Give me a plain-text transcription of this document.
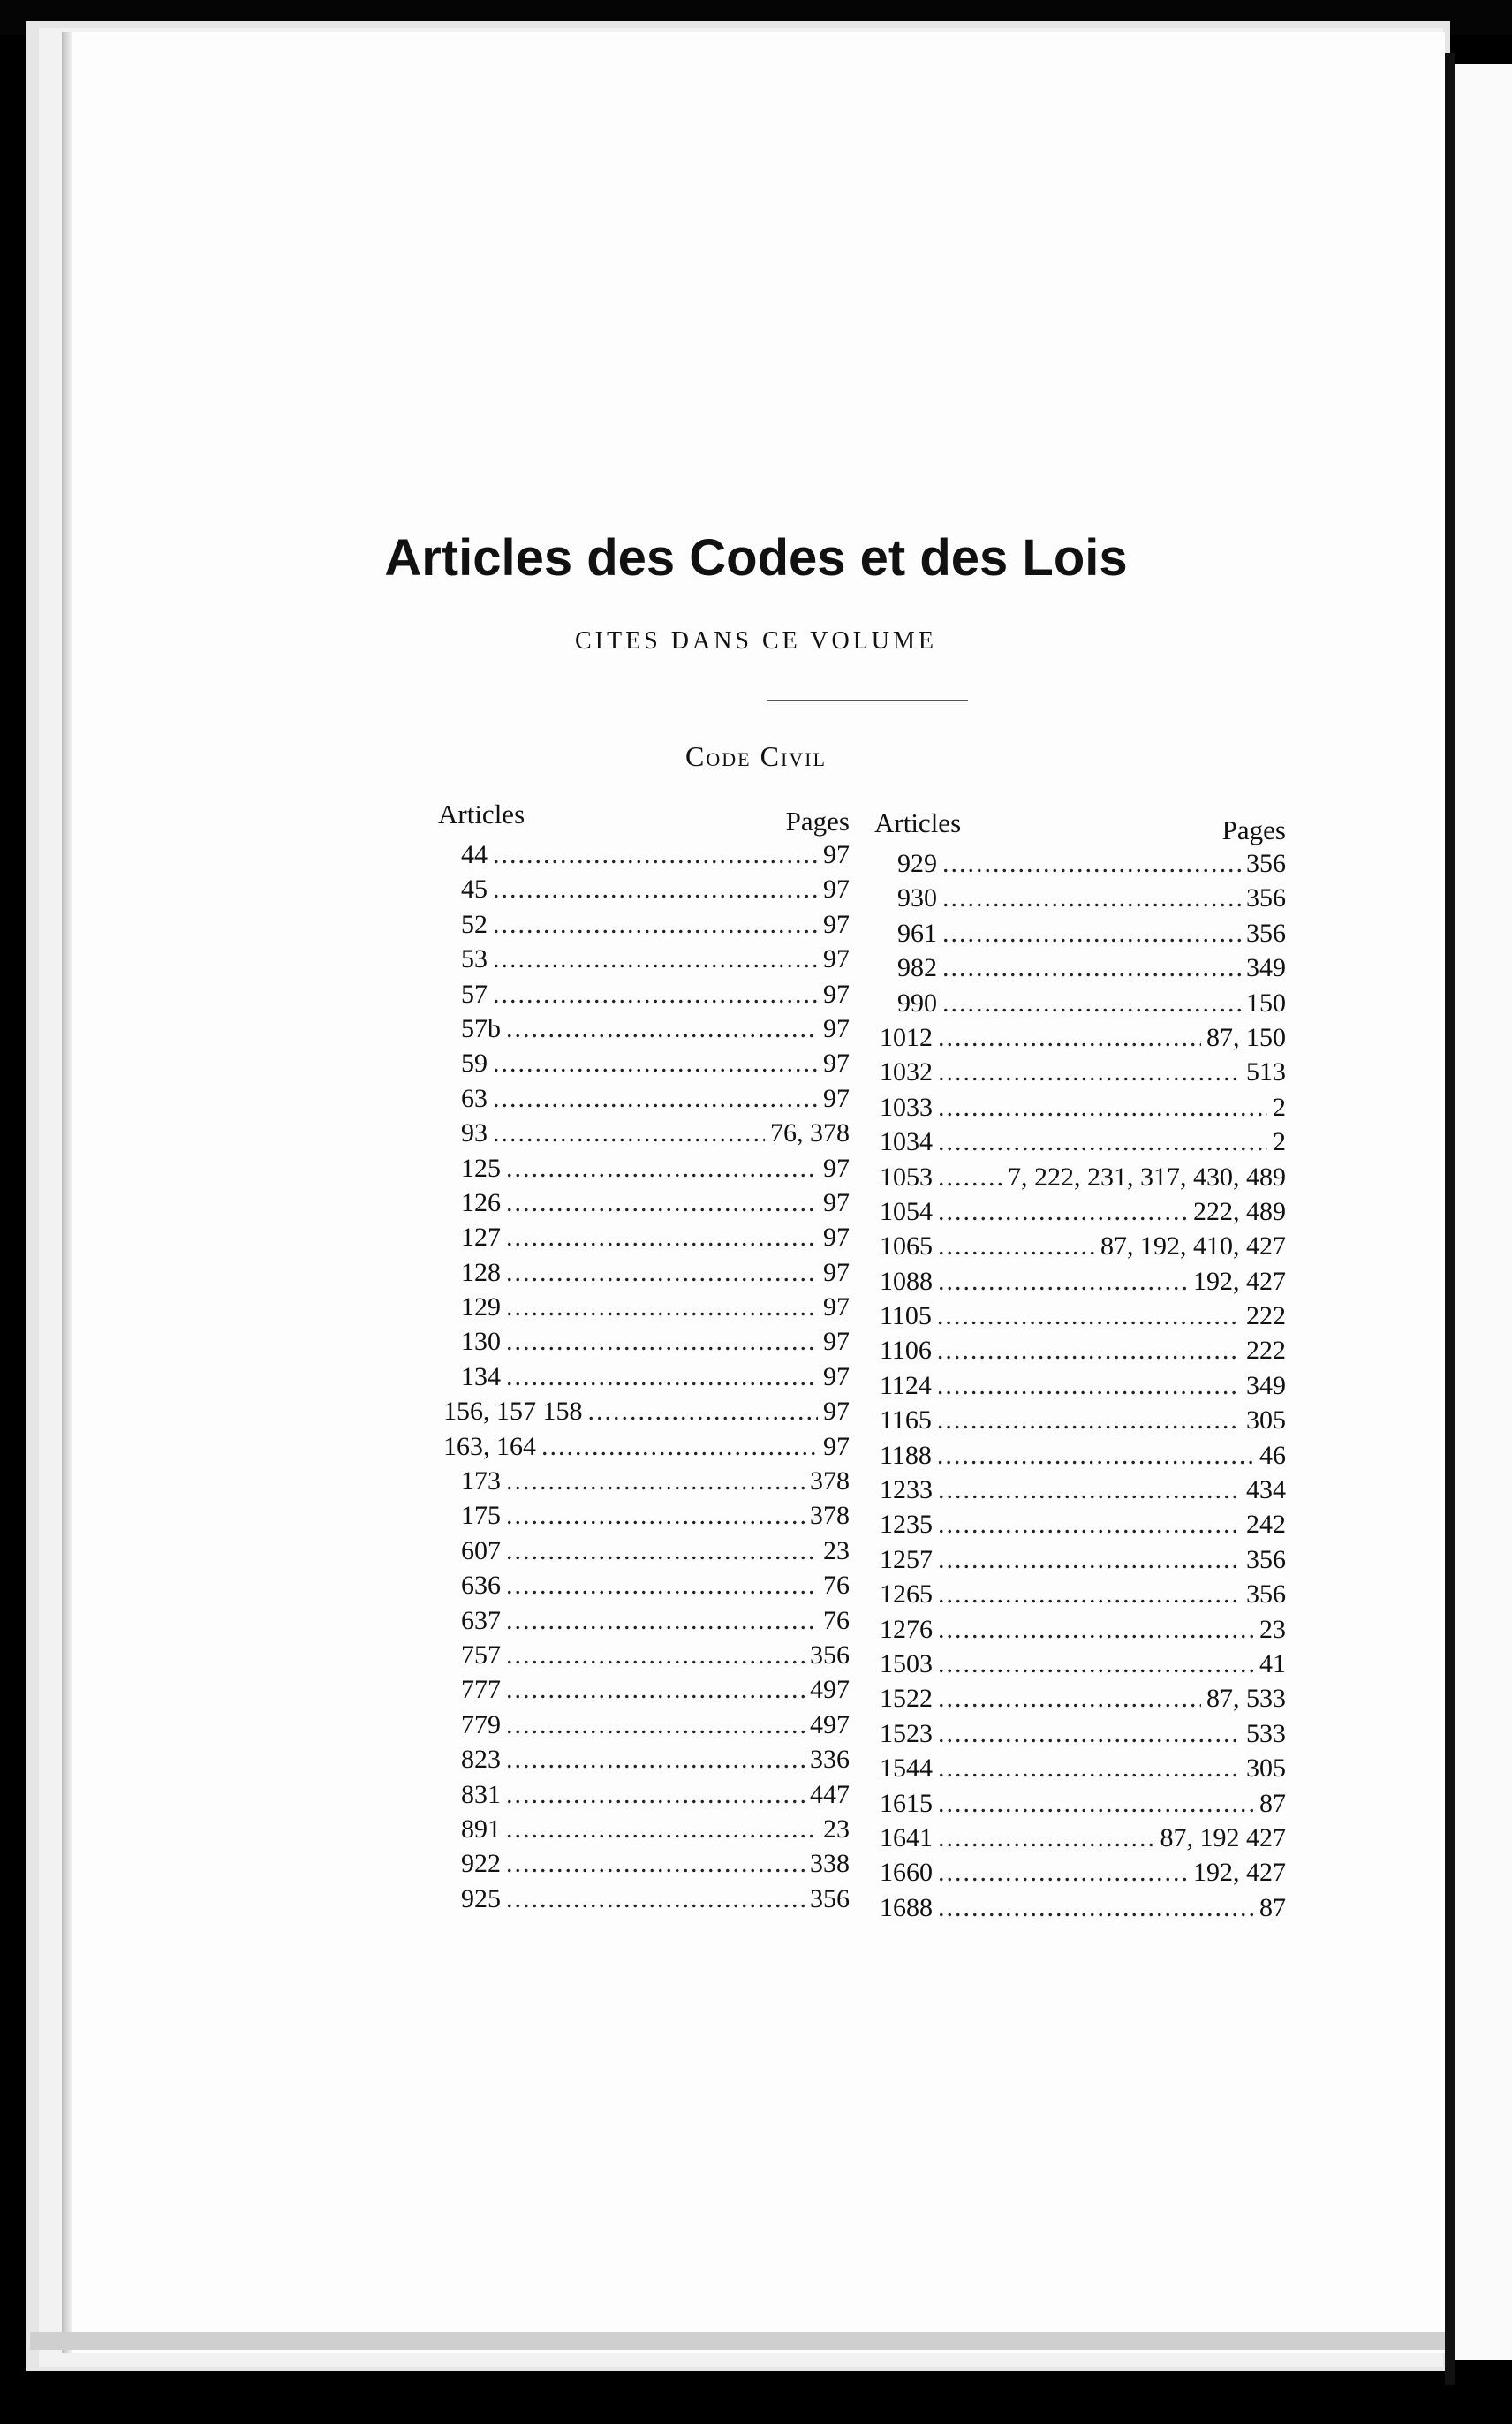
Articles des Codes et des Lois
CITES DANS CE VOLUME
Code Civil
Articles	Pages
44 .....	97
45 .....	97
52 .....	97
53 .....	97
57 .....	97
57b .....	97
59 .....	97
63 .....	97
93 .....	76, 378
125 .....	97
126 .....	97
127 .....	97
128 .....	97
129 .....	97
130 .....	97
134 .....	97
156, 157 158 .....	97
163, 164 .....	97
173 .....	378
175 .....	378
607 .....	23
636 .....	76
637 .....	76
757 .....	356
777 .....	497
779 .....	497
823 .....	336
831 .....	447
891 .....	23
922 .....	338
925 .....	356
Articles	Pages
929 .....	356
930 .....	356
961 .....	356
982 .....	349
990 .....	150
1012 .....	87, 150
1032 .....	513
1033 .....	2
1034 .....	2
1053 .....	7, 222, 231, 317, 430, 489
1054 .....	222, 489
1065 .....	87, 192, 410, 427
1088 .....	192, 427
1105 .....	222
1106 .....	222
1124 .....	349
1165 .....	305
1188 .....	46
1233 .....	434
1235 .....	242
1257 .....	356
1265 .....	356
1276 .....	23
1503 .....	41
1522 .....	87, 533
1523 .....	533
1544 .....	305
1615 .....	87
1641 .....	87, 192 427
1660 .....	192, 427
1688 .....	87
